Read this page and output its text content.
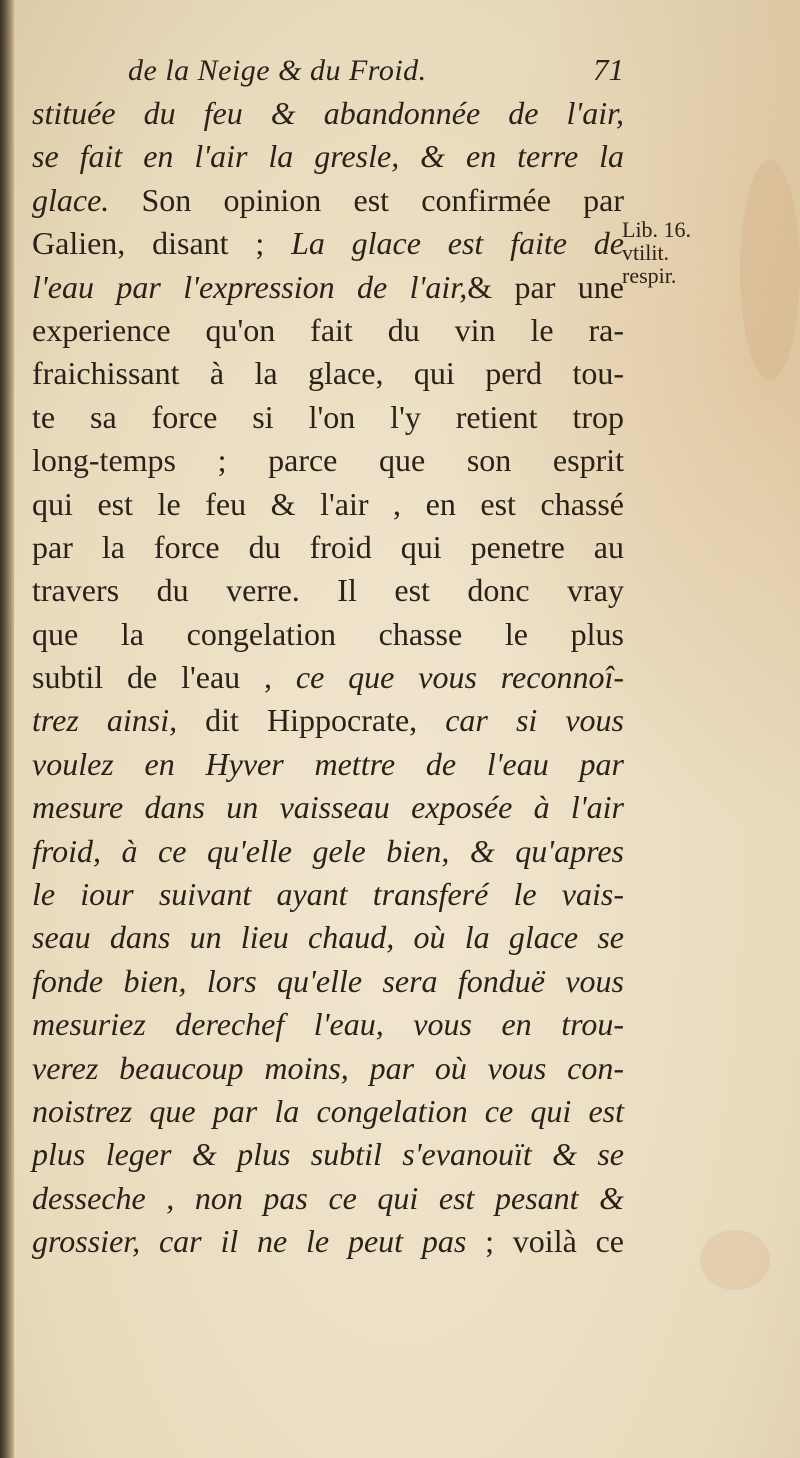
de la Neige & du Froid.	71
stituée du feu & abandonnée de l'air,
se fait en l'air la gresle, & en terre la
glace. Son opinion est confirmée par
Galien, disant ; La glace est faite de
l'eau par l'expression de l'air,& par une
experience qu'on fait du vin le ra-
fraichissant à la glace, qui perd tou-
te sa force si l'on l'y retient trop
long-temps ; parce que son esprit
qui est le feu & l'air , en est chassé
par la force du froid qui penetre au
travers du verre. Il est donc vray
que la congelation chasse le plus
subtil de l'eau , ce que vous reconnoî-
trez ainsi, dit Hippocrate, car si vous
voulez en Hyver mettre de l'eau par
mesure dans un vaisseau exposée à l'air
froid, à ce qu'elle gele bien, & qu'apres
le iour suivant ayant transferé le vais-
seau dans un lieu chaud, où la glace se
fonde bien, lors qu'elle sera fonduë vous
mesuriez derechef l'eau, vous en trou-
verez beaucoup moins, par où vous con-
noistrez que par la congelation ce qui est
plus leger & plus subtil s'evanouït & se
desseche , non pas ce qui est pesant &
grossier, car il ne le peut pas ; voilà ce
Lib. 16.
vtilit.
respir.
